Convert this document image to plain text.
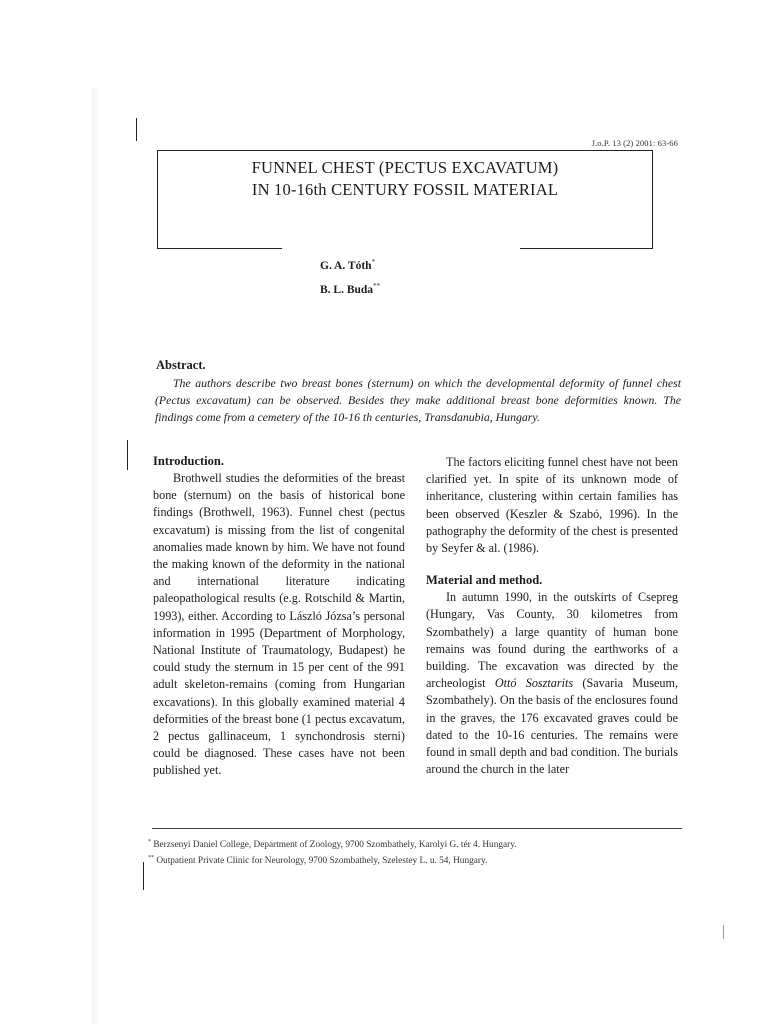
J.o.P. 13 (2) 2001: 63-66
FUNNEL CHEST (PECTUS EXCAVATUM)
IN 10-16th CENTURY FOSSIL MATERIAL
G. A. Tóth*
B. L. Buda**
Abstract.

The authors describe two breast bones (sternum) on which the developmental deformity of funnel chest (Pectus excavatum) can be observed. Besides they make additional breast bone deformities known. The findings come from a cemetery of the 10-16 th centuries, Transdanubia, Hungary.

Introduction.

Brothwell studies the deformities of the breast bone (sternum) on the basis of historical bone findings (Brothwell, 1963). Funnel chest (pectus excavatum) is missing from the list of congenital anomalies made known by him. We have not found the making known of the deformity in the national and international literature indicating paleopathological results (e.g. Rotschild & Martin, 1993), either. According to László Józsa’s personal information in 1995 (Department of Morphology, National Institute of Traumatology, Budapest) he could study the sternum in 15 per cent of the 991 adult skeleton-remains (coming from Hungarian excavations). In this globally examined material 4 deformities of the breast bone (1 pectus excavatum, 2 pectus gallinaceum, 1 synchondrosis sterni) could be diagnosed. These cases have not been published yet.

The factors eliciting funnel chest have not been clarified yet. In spite of its unknown mode of inheritance, clustering within certain families has been observed (Keszler & Szabó, 1996). In the pathography the deformity of the chest is presented by Seyfer & al. (1986).

Material and method.

In autumn 1990, in the outskirts of Csepreg (Hungary, Vas County, 30 kilometres from Szombathely) a large quantity of human bone remains was found during the earthworks of a building. The excavation was directed by the archeologist Ottó Sosztarits (Savaria Museum, Szombathely). On the basis of the enclosures found in the graves, the 176 excavated graves could be dated to the 10-16 centuries. The remains were found in small depth and bad condition. The burials around the church in the later

* Berzsenyi Daniel College, Department of Zoology, 9700 Szombathely, Karolyi G. tér 4. Hungary.
** Outpatient Private Clinic for Neurology, 9700 Szombathely, Szelestey L. u. 54, Hungary.
